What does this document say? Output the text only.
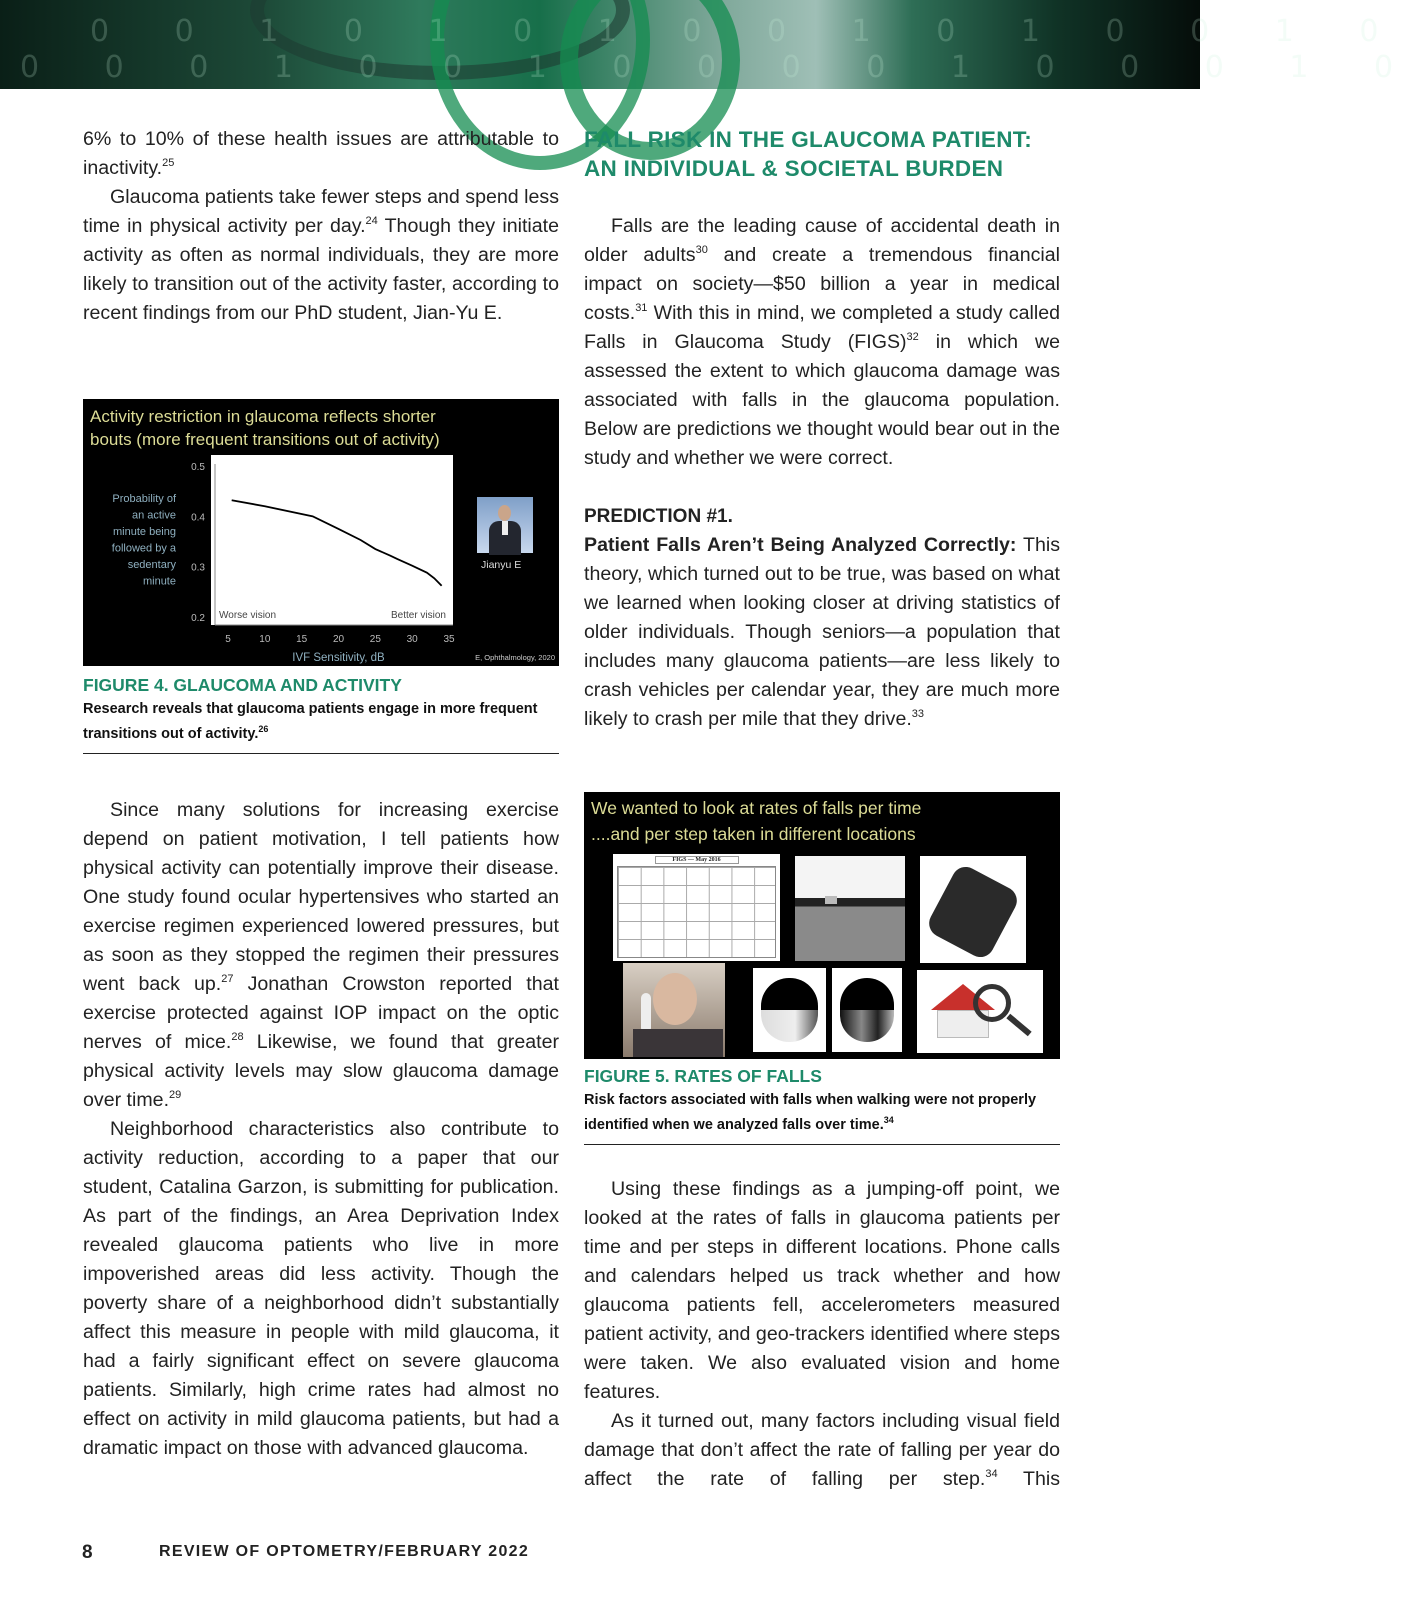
0 0 1 0 1 0 1 0 0 1 0 1 0 0 1 0
0 0 0 1 0 0 1 0 0 0 0 1 0 0 0 1 0

6% to 10% of these health issues are attributable to inactivity.$^{25}$

Glaucoma patients take fewer steps and spend less time in physical activity per day.$^{24}$ Though they initiate activity as often as normal individuals, they are more likely to transition out of the activity faster, according to recent findings from our PhD student, Jian-Yu E.

Activity restriction in glaucoma reflects shorter
bouts (more frequent transitions out of activity)
0.2
0.3
0.4
0.5
5	10	15	20	25	30	35
IVF Sensitivity, dB
Probability of
an active
minute being
followed by a
sedentary
minute
Worse vision	Better vision
Jianyu E
E, Ophthalmology, 2020
FIGURE 4. GLAUCOMA AND ACTIVITY
Research reveals that glaucoma patients engage in more frequent transitions out of activity.$^{26}$

Since many solutions for increasing exercise depend on patient motivation, I tell patients how physical activity can potentially improve their disease. One study found ocular hypertensives who started an exercise regimen experienced lowered pressures, but as soon as they stopped the regimen their pressures went back up.$^{27}$ Jonathan Crowston reported that exercise protected against IOP impact on the optic nerves of mice.$^{28}$ Likewise, we found that greater physical activity levels may slow glaucoma damage over time.$^{29}$

Neighborhood characteristics also contribute to activity reduction, according to a paper that our student, Catalina Garzon, is submitting for publication. As part of the findings, an Area Deprivation Index revealed glaucoma patients who live in more impoverished areas did less activity. Though the poverty share of a neighborhood didn’t substantially affect this measure in people with mild glaucoma, it had a fairly significant effect on severe glaucoma patients. Similarly, high crime rates had almost no effect on activity in mild glaucoma patients, but had a dramatic impact on those with advanced glaucoma.

FALL RISK IN THE GLAUCOMA PATIENT:
AN INDIVIDUAL & SOCIETAL BURDEN

Falls are the leading cause of accidental death in older adults$^{30}$ and create a tremendous financial impact on society—$50 billion a year in medical costs.$^{31}$ With this in mind, we completed a study called Falls in Glaucoma Study (FIGS)$^{32}$ in which we assessed the extent to which glaucoma damage was associated with falls in the glaucoma population. Below are predictions we thought would bear out in the study and whether we were correct.

PREDICTION #1.

Patient Falls Aren’t Being Analyzed Correctly: This theory, which turned out to be true, was based on what we learned when looking closer at driving statistics of older individuals. Though seniors—a population that includes many glaucoma patients—are less likely to crash vehicles per calendar year, they are much more likely to crash per mile that they drive.$^{33}$

We wanted to look at rates of falls per time
....and per step taken in different locations
FIGS — May 2016
FIGURE 5. RATES OF FALLS
Risk factors associated with falls when walking were not properly identified when we analyzed falls over time.$^{34}$

Using these findings as a jumping-off point, we looked at the rates of falls in glaucoma patients per time and per steps in different locations. Phone calls and calendars helped us track whether and how glaucoma patients fell, accelerometers measured patient activity, and geo-trackers identified where steps were taken. We also evaluated vision and home features.

As it turned out, many factors including visual field damage that don’t affect the rate of falling per year do affect the rate of falling per step.$^{34}$ This

8	REVIEW OF OPTOMETRY/FEBRUARY 2022
